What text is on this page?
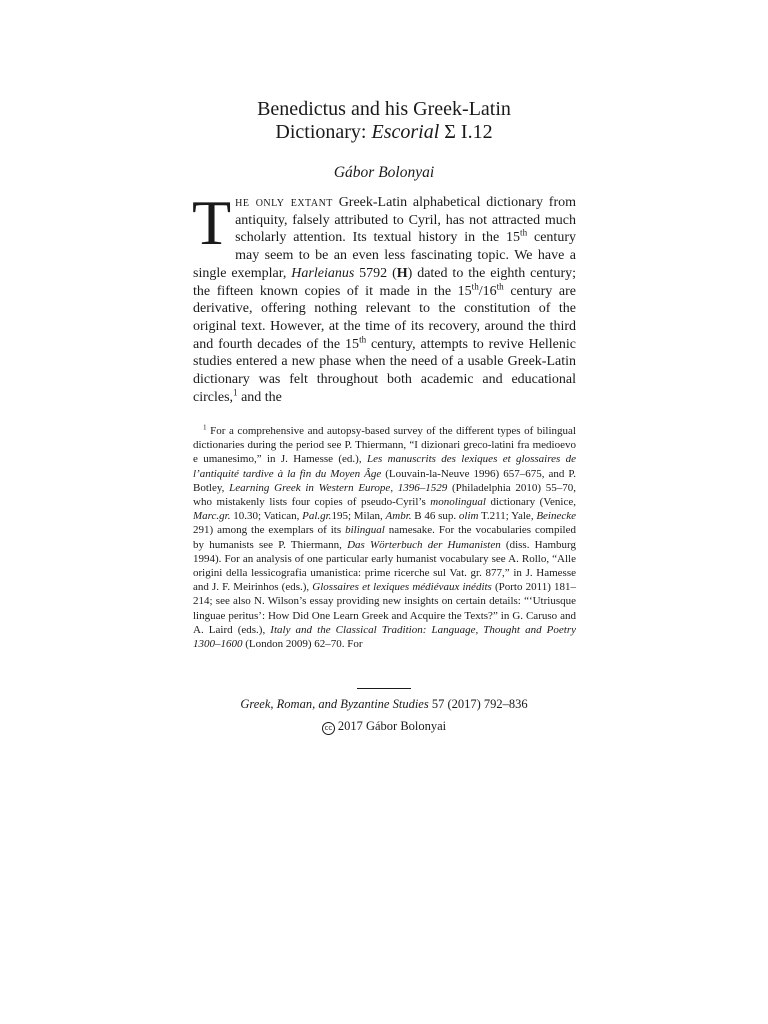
Benedictus and his Greek-Latin
Dictionary: Escorial Σ I.12
Gábor Bolonyai

The only extant Greek-Latin alphabetical dictionary from antiquity, falsely attributed to Cyril, has not attracted much scholarly attention. Its textual history in the 15th century may seem to be an even less fascinating topic. We have a single exemplar, Harleianus 5792 (H) dated to the eighth century; the fifteen known copies of it made in the 15th/16th century are derivative, offering nothing relevant to the constitution of the original text. However, at the time of its recovery, around the third and fourth decades of the 15th century, attempts to revive Hellenic studies entered a new phase when the need of a usable Greek-Latin dictionary was felt throughout both academic and educational circles,$^1$ and the

$^1$ For a comprehensive and autopsy-based survey of the different types of bilingual dictionaries during the period see P. Thiermann, “I dizionari greco-latini fra medioevo e umanesimo,” in J. Hamesse (ed.), Les manuscrits des lexiques et glossaires de l’antiquité tardive à la fin du Moyen Âge (Louvain-la-Neuve 1996) 657–675, and P. Botley, Learning Greek in Western Europe, 1396–1529 (Philadelphia 2010) 55–70, who mistakenly lists four copies of pseudo-Cyril’s monolingual dictionary (Venice, Marc.gr. 10.30; Vatican, Pal.gr.195; Milan, Ambr. B 46 sup. olim T.211; Yale, Beinecke 291) among the exemplars of its bilingual namesake. For the vocabularies compiled by humanists see P. Thiermann, Das Wörterbuch der Humanisten (diss. Hamburg 1994). For an analysis of one particular early humanist vocabulary see A. Rollo, “Alle origini della lessicografia umanistica: prime ricerche sul Vat. gr. 877,” in J. Hamesse and J. F. Meirinhos (eds.), Glossaires et lexiques médiévaux inédits (Porto 2011) 181–214; see also N. Wilson’s essay providing new insights on certain details: “‘Utriusque linguae peritus’: How Did One Learn Greek and Acquire the Texts?” in G. Caruso and A. Laird (eds.), Italy and the Classical Tradition: Language, Thought and Poetry 1300–1600 (London 2009) 62–70. For

Greek, Roman, and Byzantine Studies 57 (2017) 792–836
cc 2017 Gábor Bolonyai
